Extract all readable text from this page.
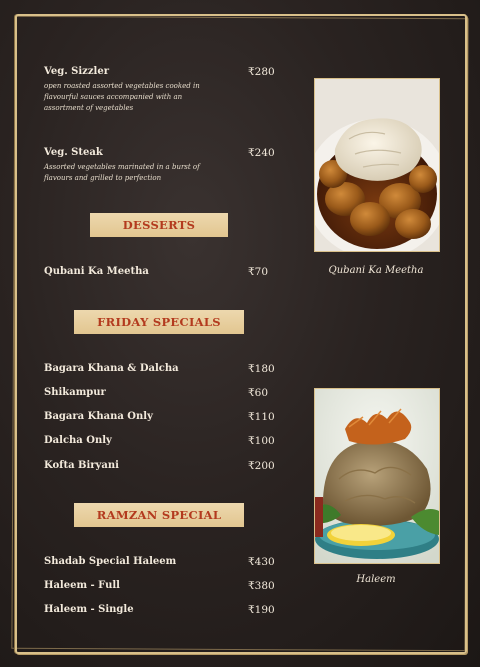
Veg. Sizzler	₹280
open roasted assorted vegetables cooked in flavourful sauces accompanied with an assortment of vegetables
Veg. Steak	₹240
Assorted vegetables marinated in a burst of flavours and grilled to perfection
DESSERTS
Qubani Ka Meetha	₹70
FRIDAY SPECIALS
Bagara Khana & Dalcha	₹180
Shikampur	₹60
Bagara Khana Only	₹110
Dalcha Only	₹100
Kofta Biryani	₹200
RAMZAN SPECIAL
Shadab Special Haleem	₹430
Haleem - Full	₹380
Haleem - Single	₹190
Qubani Ka Meetha
Haleem
